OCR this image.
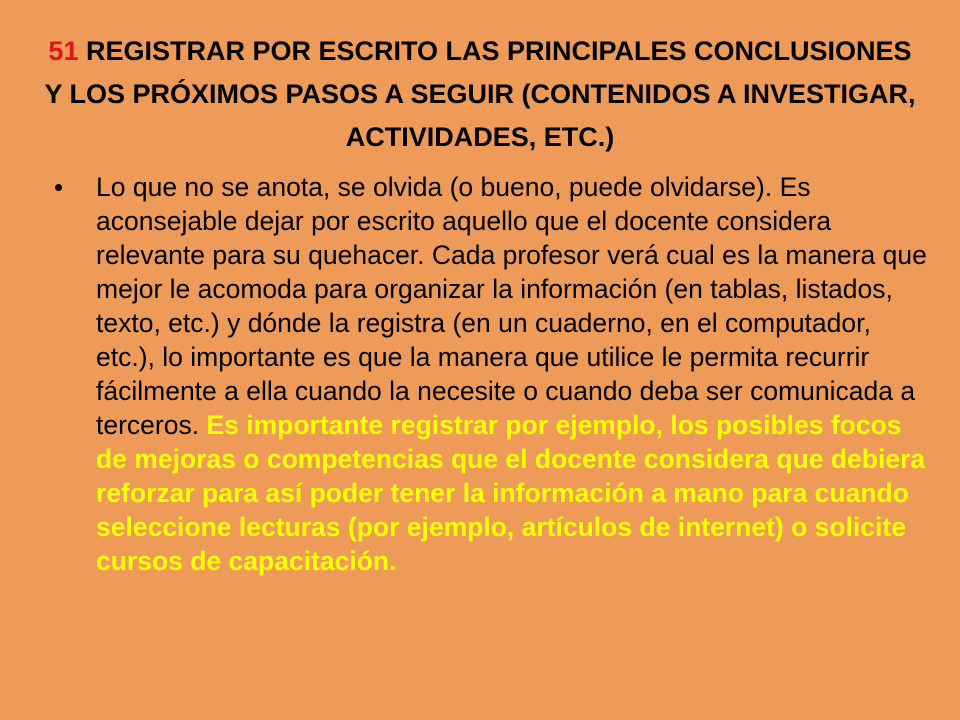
51 REGISTRAR POR ESCRITO LAS PRINCIPALES CONCLUSIONES Y LOS PRÓXIMOS PASOS A SEGUIR (CONTENIDOS A INVESTIGAR, ACTIVIDADES, ETC.)
•	Lo que no se anota, se olvida (o bueno, puede olvidarse). Es aconsejable dejar por escrito aquello que el docente considera relevante para su quehacer. Cada profesor verá cual es la manera que mejor le acomoda para organizar la información (en tablas, listados, texto, etc.) y dónde la registra (en un cuaderno, en el computador, etc.), lo importante es que la manera que utilice le permita recurrir fácilmente a ella cuando la necesite o cuando deba ser comunicada a terceros. Es importante registrar por ejemplo, los posibles focos de mejoras o competencias que el docente considera que debiera reforzar para así poder tener la información a mano para cuando seleccione lecturas (por ejemplo, artículos de internet) o solicite cursos de capacitación.
